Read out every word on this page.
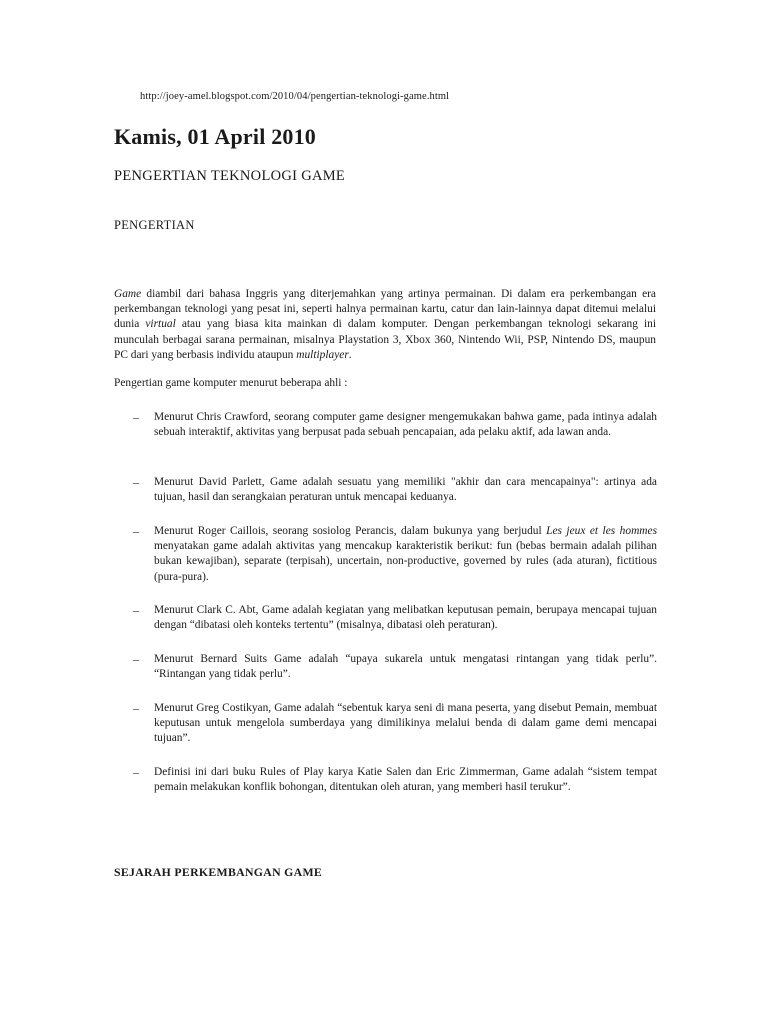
http://joey-amel.blogspot.com/2010/04/pengertian-teknologi-game.html
Kamis, 01 April 2010
PENGERTIAN TEKNOLOGI GAME
PENGERTIAN
Game diambil dari bahasa Inggris yang diterjemahkan yang artinya permainan. Di dalam era perkembangan era perkembangan teknologi yang pesat ini, seperti halnya permainan kartu, catur dan lain-lainnya dapat ditemui melalui dunia virtual atau yang biasa kita mainkan di dalam komputer. Dengan perkembangan teknologi sekarang ini munculah berbagai sarana permainan, misalnya Playstation 3, Xbox 360, Nintendo Wii, PSP, Nintendo DS, maupun PC dari yang berbasis individu ataupun multiplayer.
Pengertian game komputer menurut beberapa ahli :
– Menurut Chris Crawford, seorang computer game designer mengemukakan bahwa game, pada intinya adalah sebuah interaktif, aktivitas yang berpusat pada sebuah pencapaian, ada pelaku aktif, ada lawan anda.
– Menurut David Parlett, Game adalah sesuatu yang memiliki "akhir dan cara mencapainya": artinya ada tujuan, hasil dan serangkaian peraturan untuk mencapai keduanya.
– Menurut Roger Caillois, seorang sosiolog Perancis, dalam bukunya yang berjudul Les jeux et les hommes menyatakan game adalah aktivitas yang mencakup karakteristik berikut: fun (bebas bermain adalah pilihan bukan kewajiban), separate (terpisah), uncertain, non-productive, governed by rules (ada aturan), fictitious (pura-pura).
– Menurut Clark C. Abt, Game adalah kegiatan yang melibatkan keputusan pemain, berupaya mencapai tujuan dengan “dibatasi oleh konteks tertentu” (misalnya, dibatasi oleh peraturan).
– Menurut Bernard Suits Game adalah “upaya sukarela untuk mengatasi rintangan yang tidak perlu”. “Rintangan yang tidak perlu”.
– Menurut Greg Costikyan, Game adalah “sebentuk karya seni di mana peserta, yang disebut Pemain, membuat keputusan untuk mengelola sumberdaya yang dimilikinya melalui benda di dalam game demi mencapai tujuan”.
– Definisi ini dari buku Rules of Play karya Katie Salen dan Eric Zimmerman, Game adalah “sistem tempat pemain melakukan konflik bohongan, ditentukan oleh aturan, yang memberi hasil terukur”.
SEJARAH PERKEMBANGAN GAME
